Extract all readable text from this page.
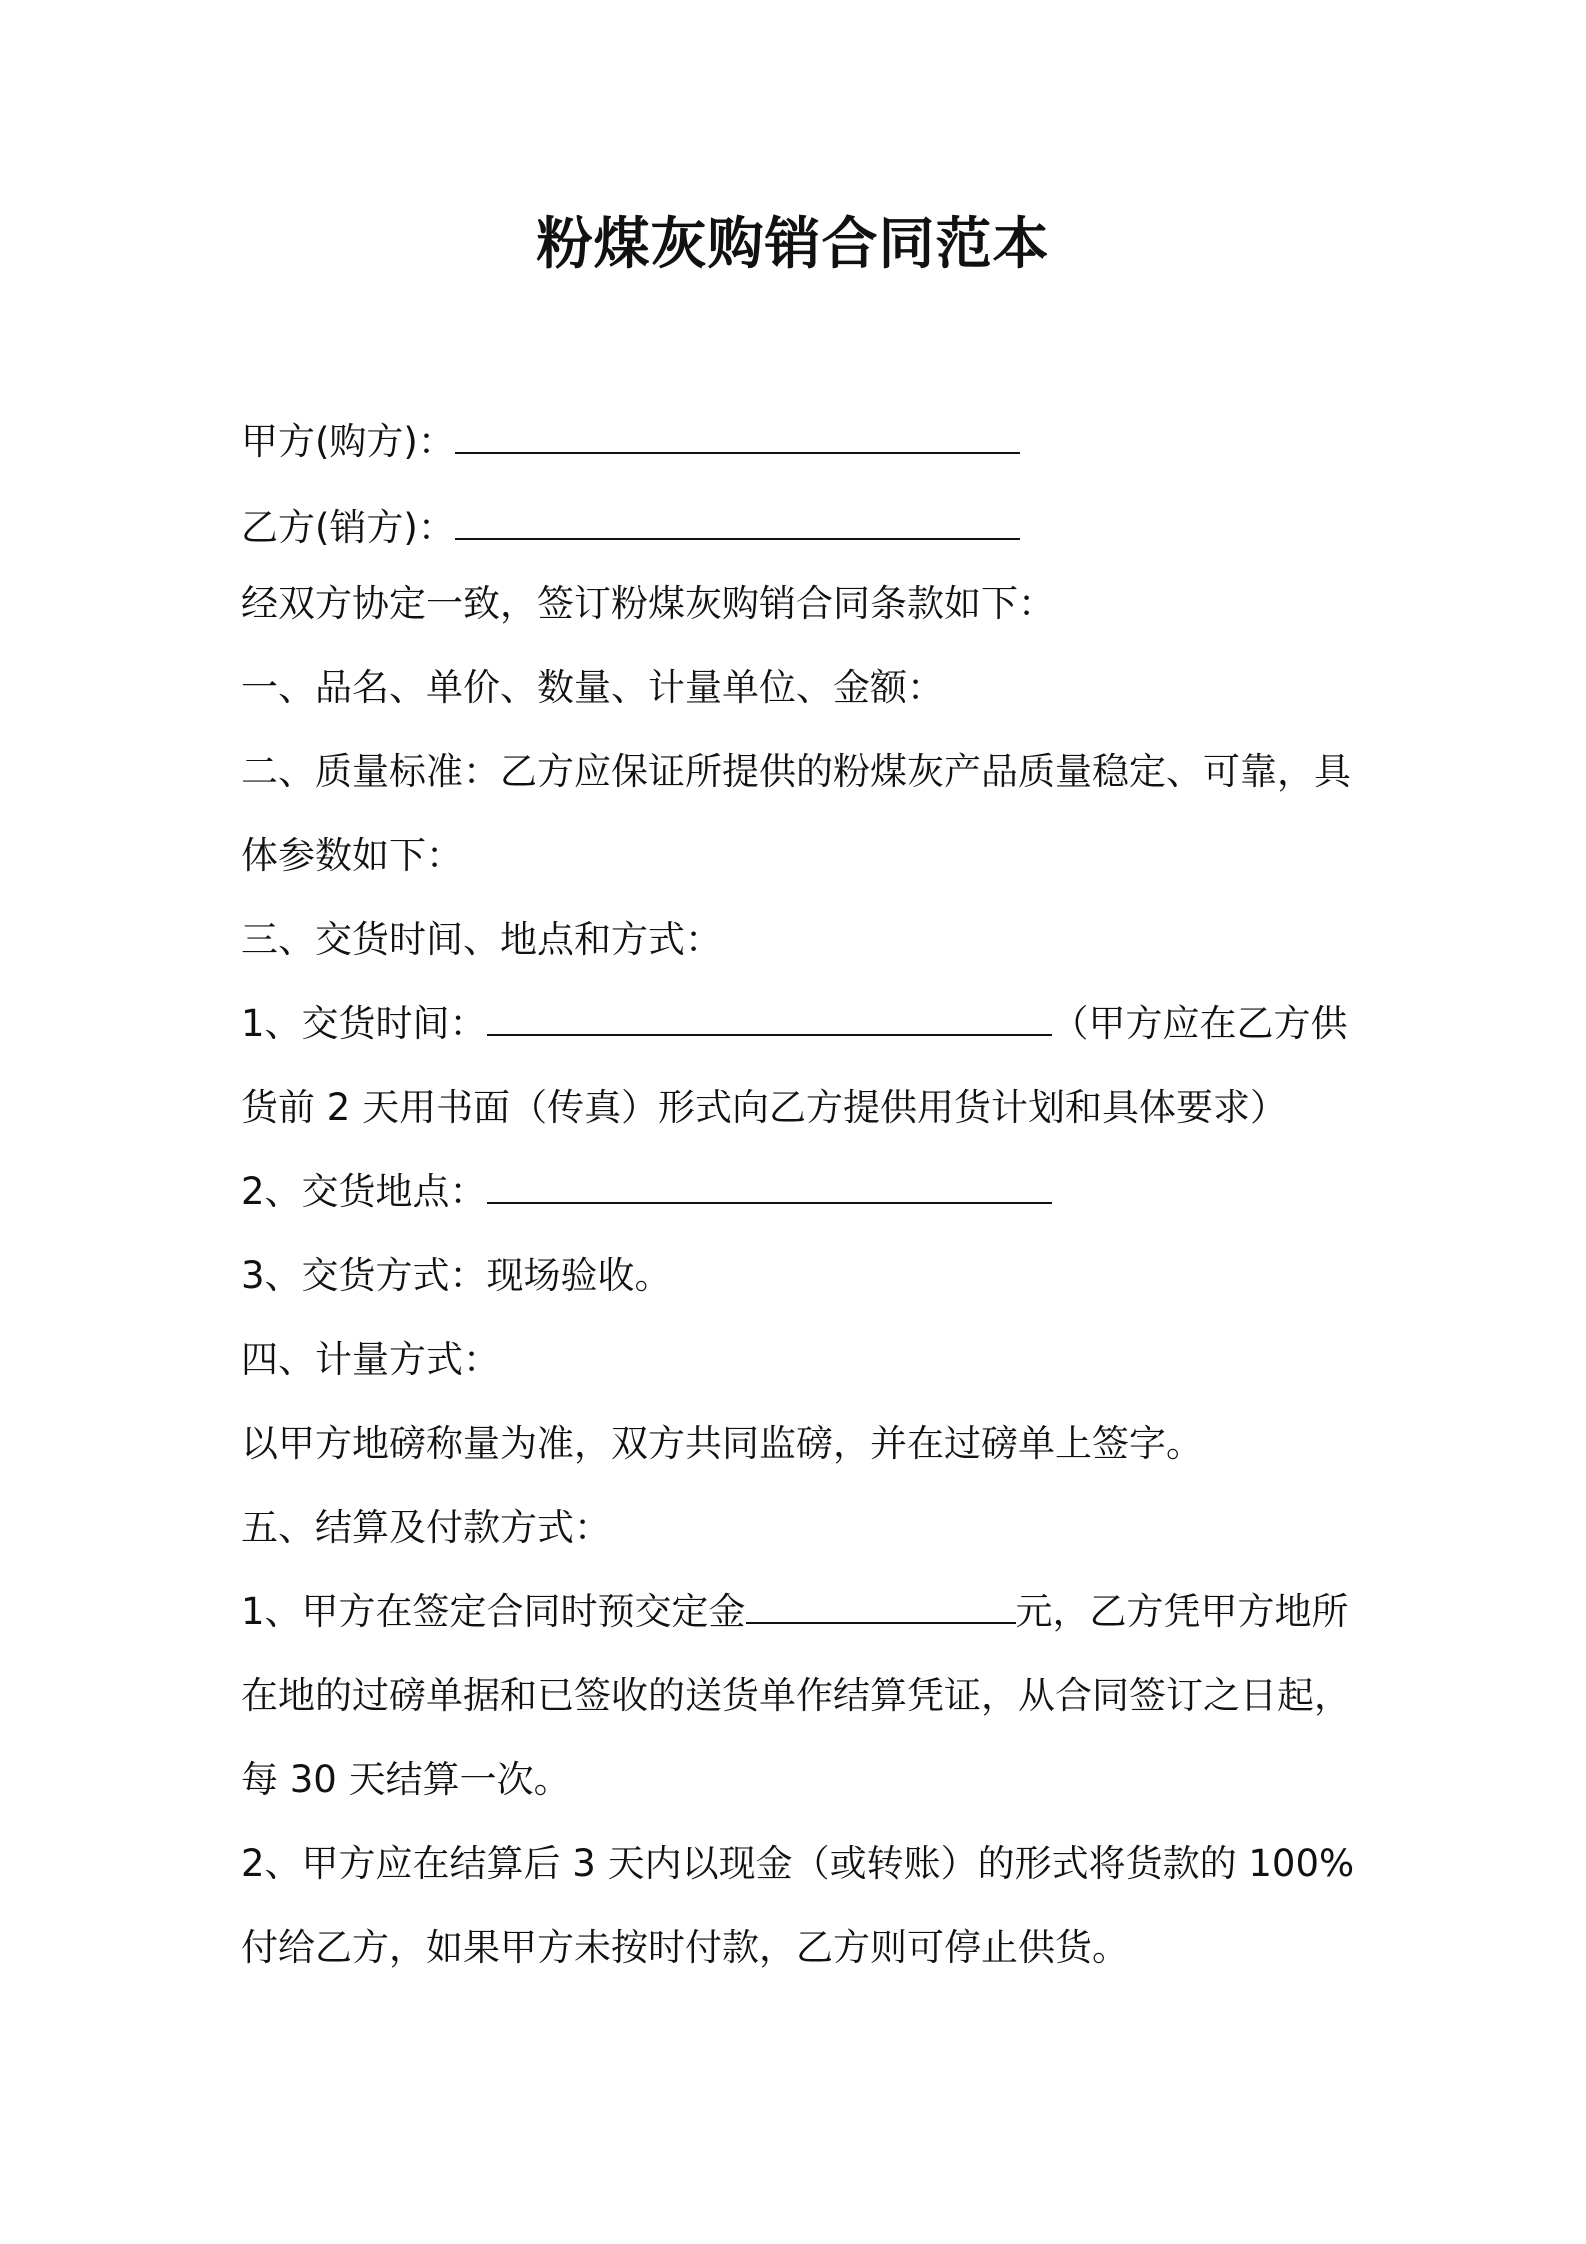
粉煤灰购销合同范本

甲方(购方)：

乙方(销方)：

经双方协定一致，签订粉煤灰购销合同条款如下：

一、品名、单价、数量、计量单位、金额：

二、质量标准：乙方应保证所提供的粉煤灰产品质量稳定、可靠，具

体参数如下：

三、交货时间、地点和方式：

1、交货时间：	（甲方应在乙方供

货前 2 天用书面（传真）形式向乙方提供用货计划和具体要求）

2、交货地点：

3、交货方式：现场验收。

四、计量方式：

以甲方地磅称量为准，双方共同监磅，并在过磅单上签字。

五、结算及付款方式：

1、甲方在签定合同时预交定金	元，乙方凭甲方地所

在地的过磅单据和已签收的送货单作结算凭证，从合同签订之日起，

每 30 天结算一次。

2、甲方应在结算后 3 天内以现金（或转账）的形式将货款的 100%

付给乙方，如果甲方未按时付款，乙方则可停止供货。
